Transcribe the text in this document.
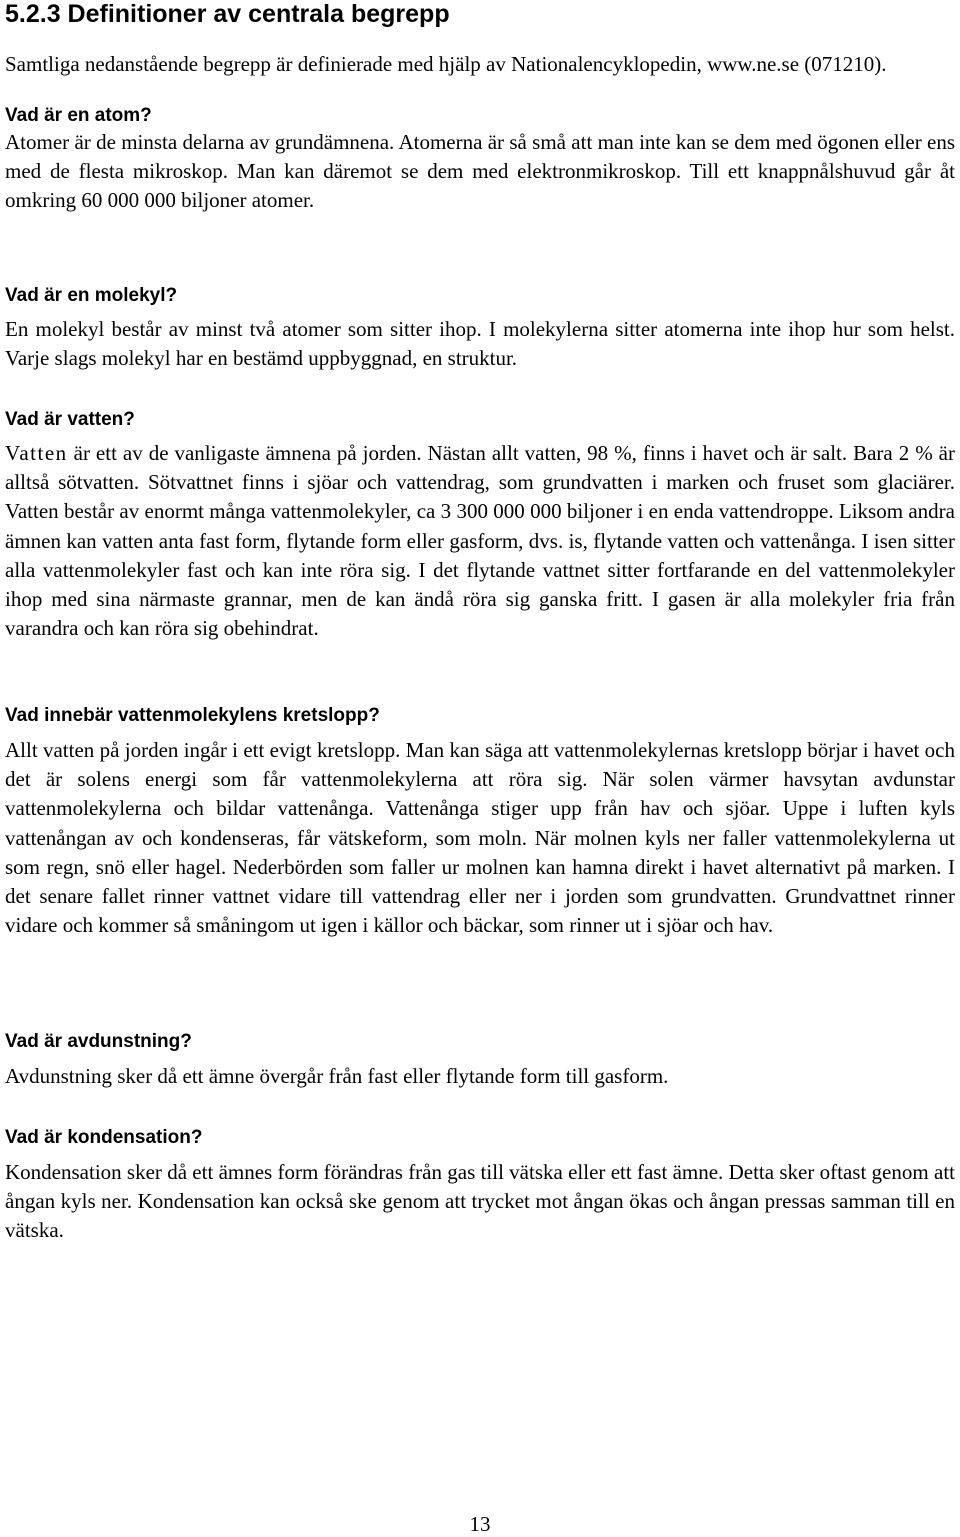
5.2.3 Definitioner av centrala begrepp

Samtliga nedanstående begrepp är definierade med hjälp av Nationalencyklopedin, www.ne.se (071210).

Vad är en atom?

Atomer är de minsta delarna av grundämnena. Atomerna är så små att man inte kan se dem med ögonen eller ens med de flesta mikroskop. Man kan däremot se dem med elektronmikroskop. Till ett knappnålshuvud går åt omkring 60 000 000 biljoner atomer.

Vad är en molekyl?

En molekyl består av minst två atomer som sitter ihop. I molekylerna sitter atomerna inte ihop hur som helst. Varje slags molekyl har en bestämd uppbyggnad, en struktur.

Vad är vatten?

Vatten är ett av de vanligaste ämnena på jorden. Nästan allt vatten, 98 %, finns i havet och är salt. Bara 2 % är alltså sötvatten. Sötvattnet finns i sjöar och vattendrag, som grundvatten i marken och fruset som glaciärer. Vatten består av enormt många vattenmolekyler, ca 3 300 000 000 biljoner i en enda vattendroppe. Liksom andra ämnen kan vatten anta fast form, flytande form eller gasform, dvs. is, flytande vatten och vattenånga. I isen sitter alla vattenmolekyler fast och kan inte röra sig. I det flytande vattnet sitter fortfarande en del vattenmolekyler ihop med sina närmaste grannar, men de kan ändå röra sig ganska fritt. I gasen är alla molekyler fria från varandra och kan röra sig obehindrat.

Vad innebär vattenmolekylens kretslopp?

Allt vatten på jorden ingår i ett evigt kretslopp. Man kan säga att vattenmolekylernas kretslopp börjar i havet och det är solens energi som får vattenmolekylerna att röra sig. När solen värmer havsytan avdunstar vattenmolekylerna och bildar vattenånga. Vattenånga stiger upp från hav och sjöar. Uppe i luften kyls vattenångan av och kondenseras, får vätskeform, som moln. När molnen kyls ner faller vattenmolekylerna ut som regn, snö eller hagel. Nederbörden som faller ur molnen kan hamna direkt i havet alternativt på marken. I det senare fallet rinner vattnet vidare till vattendrag eller ner i jorden som grundvatten. Grundvattnet rinner vidare och kommer så småningom ut igen i källor och bäckar, som rinner ut i sjöar och hav.

Vad är avdunstning?

Avdunstning sker då ett ämne övergår från fast eller flytande form till gasform.

Vad är kondensation?

Kondensation sker då ett ämnes form förändras från gas till vätska eller ett fast ämne. Detta sker oftast genom att ångan kyls ner. Kondensation kan också ske genom att trycket mot ångan ökas och ångan pressas samman till en vätska.

13
